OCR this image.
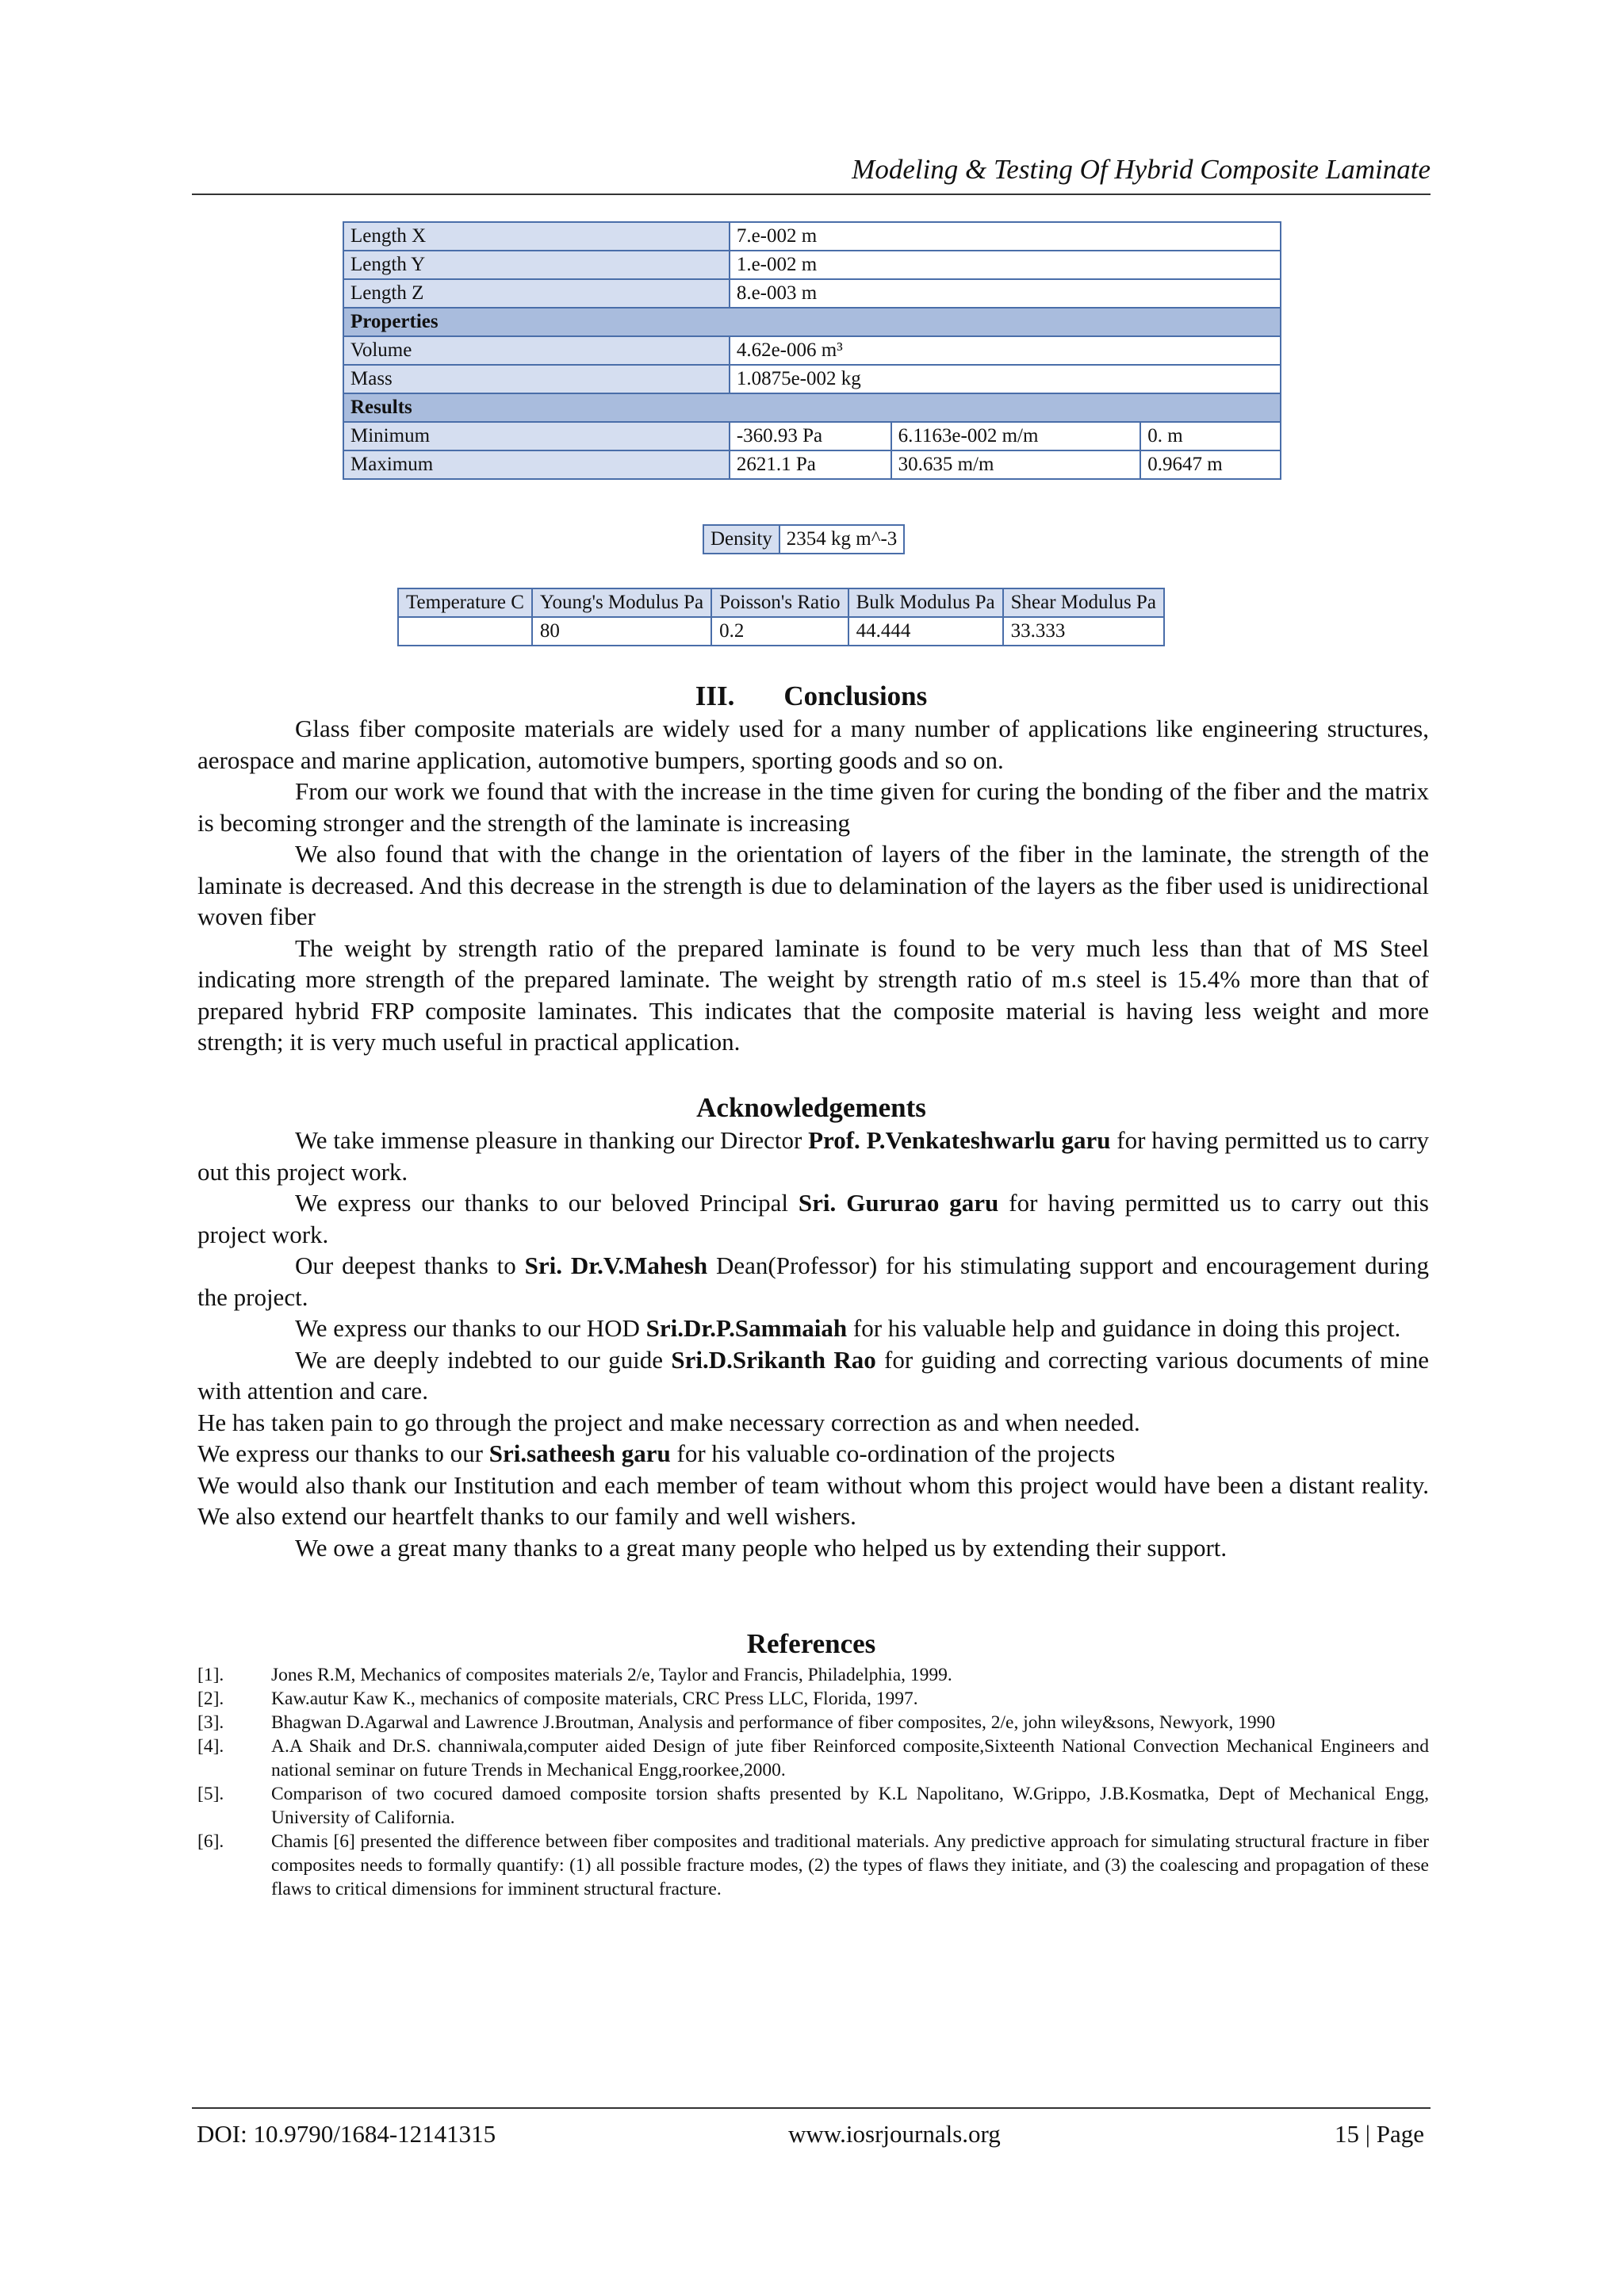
Modeling & Testing Of Hybrid Composite Laminate
Length X	7.e-002 m		
Length Y	1.e-002 m		
Length Z	8.e-003 m		
Properties			
Volume	4.62e-006 m³		
Mass	1.0875e-002 kg		
Results			
Minimum	-360.93 Pa	6.1163e-002 m/m	0. m
Maximum	2621.1 Pa	30.635 m/m	0.9647 m
Density	2354 kg m^-3
Temperature C	Young's Modulus Pa	Poisson's Ratio	Bulk Modulus Pa	Shear Modulus Pa
	80	0.2	44.444	33.333
III. Conclusions

Glass fiber composite materials are widely used for a many number of applications like engineering structures, aerospace and marine application, automotive bumpers, sporting goods and so on.

From our work we found that with the increase in the time given for curing the bonding of the fiber and the matrix is becoming stronger and the strength of the laminate is increasing

We also found that with the change in the orientation of layers of the fiber in the laminate, the strength of the laminate is decreased. And this decrease in the strength is due to delamination of the layers as the fiber used is unidirectional woven fiber

The weight by strength ratio of the prepared laminate is found to be very much less than that of MS Steel indicating more strength of the prepared laminate. The weight by strength ratio of m.s steel is 15.4% more than that of prepared hybrid FRP composite laminates. This indicates that the composite material is having less weight and more strength; it is very much useful in practical application.

Acknowledgements

We take immense pleasure in thanking our Director Prof. P.Venkateshwarlu garu for having permitted us to carry out this project work.

We express our thanks to our beloved Principal Sri. Gururao garu for having permitted us to carry out this project work.

Our deepest thanks to Sri. Dr.V.Mahesh Dean(Professor) for his stimulating support and encouragement during the project.

We express our thanks to our HOD Sri.Dr.P.Sammaiah for his valuable help and guidance in doing this project.

We are deeply indebted to our guide Sri.D.Srikanth Rao for guiding and correcting various documents of mine with attention and care.

He has taken pain to go through the project and make necessary correction as and when needed.

We express our thanks to our Sri.satheesh garu for his valuable co-ordination of the projects

We would also thank our Institution and each member of team without whom this project would have been a distant reality. We also extend our heartfelt thanks to our family and well wishers.

We owe a great many thanks to a great many people who helped us by extending their support.

References

[1].	Jones R.M, Mechanics of composites materials 2/e, Taylor and Francis, Philadelphia, 1999.

[2].	Kaw.autur Kaw K., mechanics of composite materials, CRC Press LLC, Florida, 1997.

[3].	Bhagwan D.Agarwal and Lawrence J.Broutman, Analysis and performance of fiber composites, 2/e, john wiley&sons, Newyork, 1990

[4].	A.A Shaik and Dr.S. channiwala,computer aided Design of jute fiber Reinforced composite,Sixteenth National Convection Mechanical Engineers and national seminar on future Trends in Mechanical Engg,roorkee,2000.

[5].	Comparison of two cocured damoed composite torsion shafts presented by K.L Napolitano, W.Grippo, J.B.Kosmatka, Dept of Mechanical Engg, University of California.

[6].	Chamis [6] presented the difference between fiber composites and traditional materials. Any predictive approach for simulating structural fracture in fiber composites needs to formally quantify: (1) all possible fracture modes, (2) the types of flaws they initiate, and (3) the coalescing and propagation of these flaws to critical dimensions for imminent structural fracture.

DOI: 10.9790/1684-12141315	www.iosrjournals.org	15 | Page
